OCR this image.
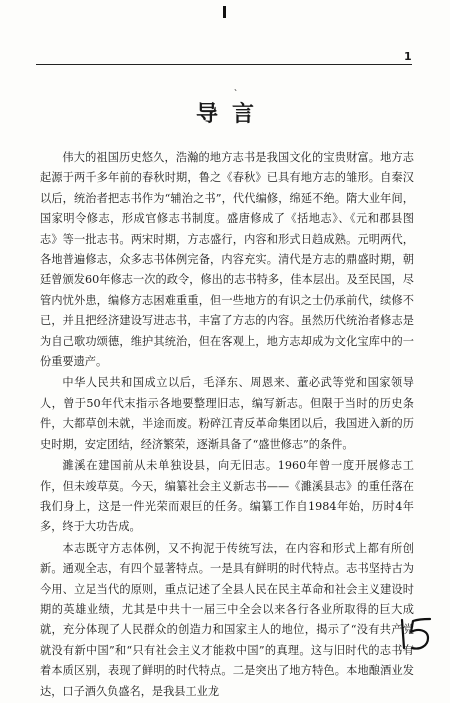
1
、
导言

伟大的祖国历史悠久，浩瀚的地方志书是我国文化的宝贵财富。地方志起源于两千多年前的春秋时期，鲁之《春秋》已具有地方志的雏形。自秦汉以后，统治者把志书作为“辅治之书”，代代编修，绵延不绝。隋大业年间，国家明令修志，形成官修志书制度。盛唐修成了《括地志》、《元和郡县图志》等一批志书。两宋时期，方志盛行，内容和形式日趋成熟。元明两代，各地普遍修志，众多志书体例完备，内容充实。清代是方志的鼎盛时期，朝廷曾颁发60年修志一次的政令，修出的志书特多，佳本层出。及至民国，尽管内忧外患，编修方志困难重重，但一些地方的有识之士仍承前代，续修不已，并且把经济建设写进志书，丰富了方志的内容。虽然历代统治者修志是为自己歌功颂德，维护其统治，但在客观上，地方志却成为文化宝库中的一份重要遗产。

中华人民共和国成立以后，毛泽东、周恩来、董必武等党和国家领导人，曾于50年代末指示各地要整理旧志，编写新志。但限于当时的历史条件，大都草创未就，半途而废。粉碎江青反革命集团以后，我国进入新的历史时期，安定团结，经济繁荣，逐渐具备了“盛世修志”的条件。

濉溪在建国前从未单独设县，向无旧志。1960年曾一度开展修志工作，但未竣草莫。今天，编纂社会主义新志书——《濉溪县志》的重任落在我们身上，这是一件光荣而艰巨的任务。编纂工作自1984年始，历时4年多，终于大功告成。

本志既守方志体例，又不拘泥于传统写法，在内容和形式上都有所创新。通观全志，有四个显著特点。一是具有鲜明的时代特点。志书坚持古为今用、立足当代的原则，重点记述了全县人民在民主革命和社会主义建设时期的英雄业绩，尤其是中共十一届三中全会以来各行各业所取得的巨大成就，充分体现了人民群众的创造力和国家主人的地位，揭示了“没有共产党就没有新中国”和“只有社会主义才能救中国”的真理。这与旧时代的志书有着本质区别，表现了鲜明的时代特点。二是突出了地方特色。本地酿酒业发达，口子酒久负盛名，是我县工业龙
